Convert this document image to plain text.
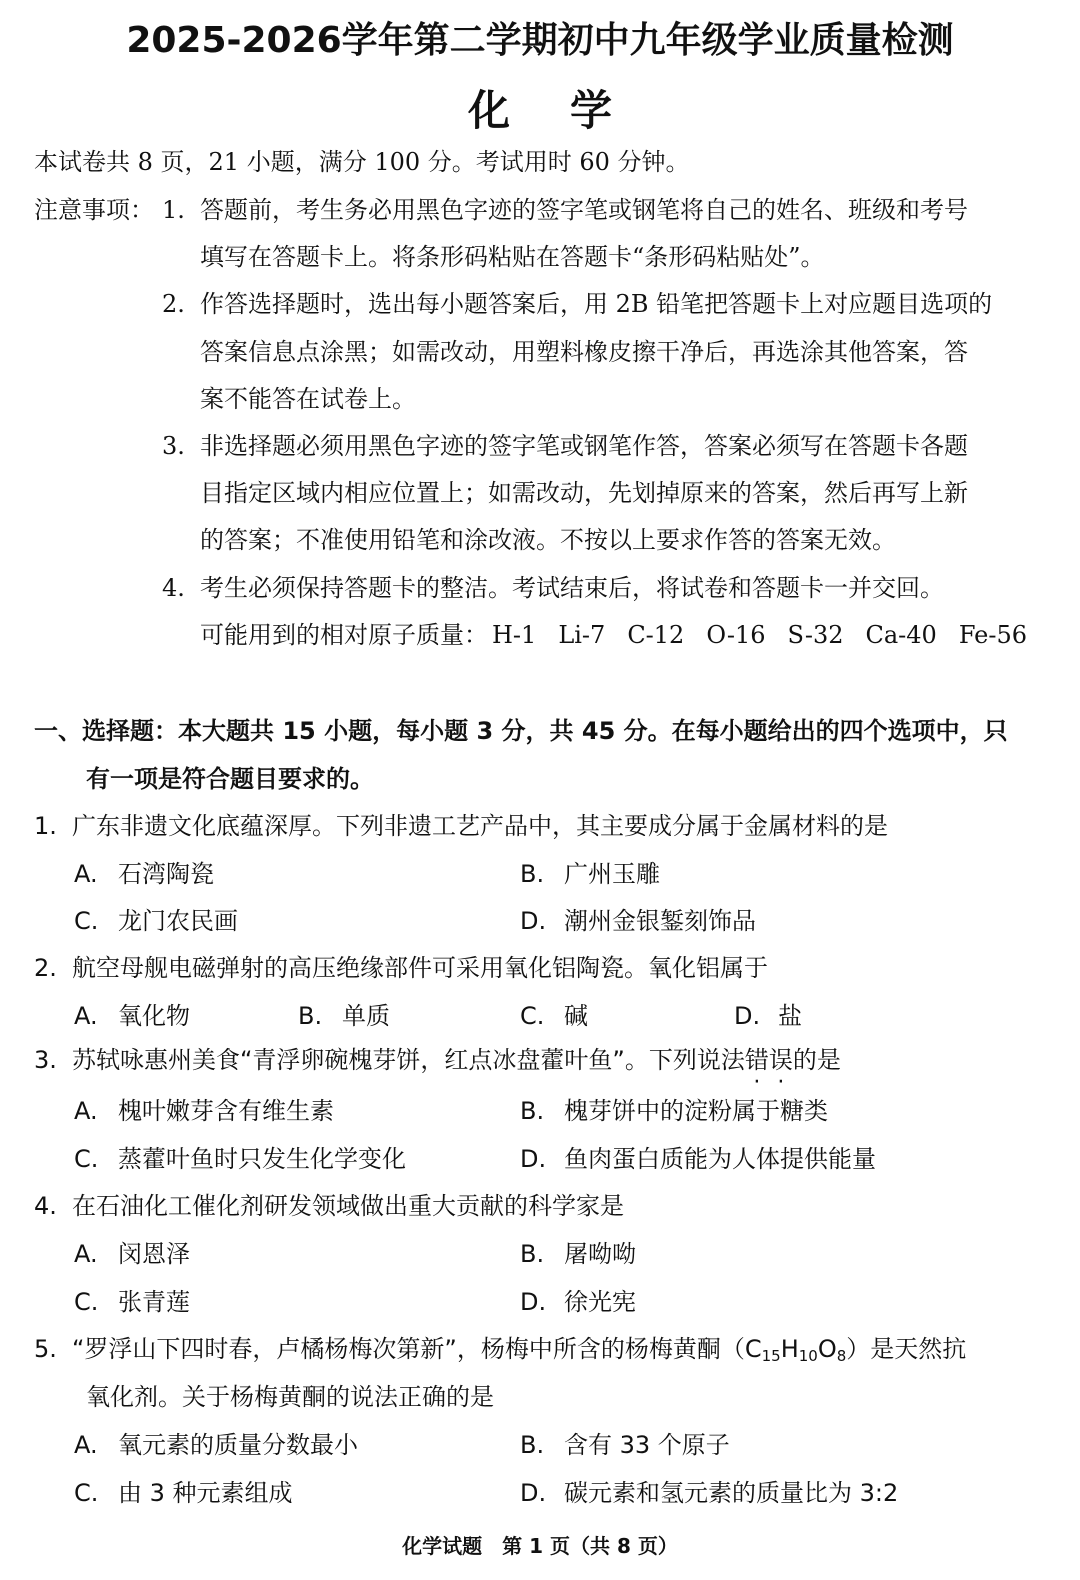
2025-2026学年第二学期初中九年级学业质量检测
化学
本试卷共 8 页，21 小题，满分 100 分。考试用时 60 分钟。
注意事项： 1. 答题前，考生务必用黑色字迹的签字笔或钢笔将自己的姓名、班级和考号
填写在答题卡上。将条形码粘贴在答题卡“条形码粘贴处”。
2. 作答选择题时，选出每小题答案后，用 2B 铅笔把答题卡上对应题目选项的
答案信息点涂黑；如需改动，用塑料橡皮擦干净后，再选涂其他答案，答
案不能答在试卷上。
3. 非选择题必须用黑色字迹的签字笔或钢笔作答，答案必须写在答题卡各题
目指定区域内相应位置上；如需改动，先划掉原来的答案，然后再写上新
的答案；不准使用铅笔和涂改液。不按以上要求作答的答案无效。
4. 考生必须保持答题卡的整洁。考试结束后，将试卷和答题卡一并交回。
可能用到的相对原子质量： H-1 Li-7 C-12 O-16 S-32 Ca-40 Fe-56
一、选择题：本大题共 15 小题，每小题 3 分，共 45 分。在每小题给出的四个选项中，只
有一项是符合题目要求的。
1. 广东非遗文化底蕴深厚。下列非遗工艺产品中，其主要成分属于金属材料的是
A. 石湾陶瓷	B. 广州玉雕
C. 龙门农民画	D. 潮州金银錾刻饰品
2. 航空母舰电磁弹射的高压绝缘部件可采用氧化铝陶瓷。氧化铝属于
A. 氧化物	B. 单质	C. 碱	D. 盐
3. 苏轼咏惠州美食“青浮卵碗槐芽饼，红点冰盘藿叶鱼”。下列说法错误的是
A. 槐叶嫩芽含有维生素	B. 槐芽饼中的淀粉属于糖类
C. 蒸藿叶鱼时只发生化学变化	D. 鱼肉蛋白质能为人体提供能量
4. 在石油化工催化剂研发领域做出重大贡献的科学家是
A. 闵恩泽	B. 屠呦呦
C. 张青莲	D. 徐光宪
5. “罗浮山下四时春，卢橘杨梅次第新”，杨梅中所含的杨梅黄酮$(C_{15}H_{10}O_8)$是天然抗
氧化剂。关于杨梅黄酮的说法正确的是
A. 氧元素的质量分数最小	B. 含有 33 个原子
C. 由 3 种元素组成	D. 碳元素和氢元素的质量比为 3:2
化学试题　第 1 页（共 8 页）
